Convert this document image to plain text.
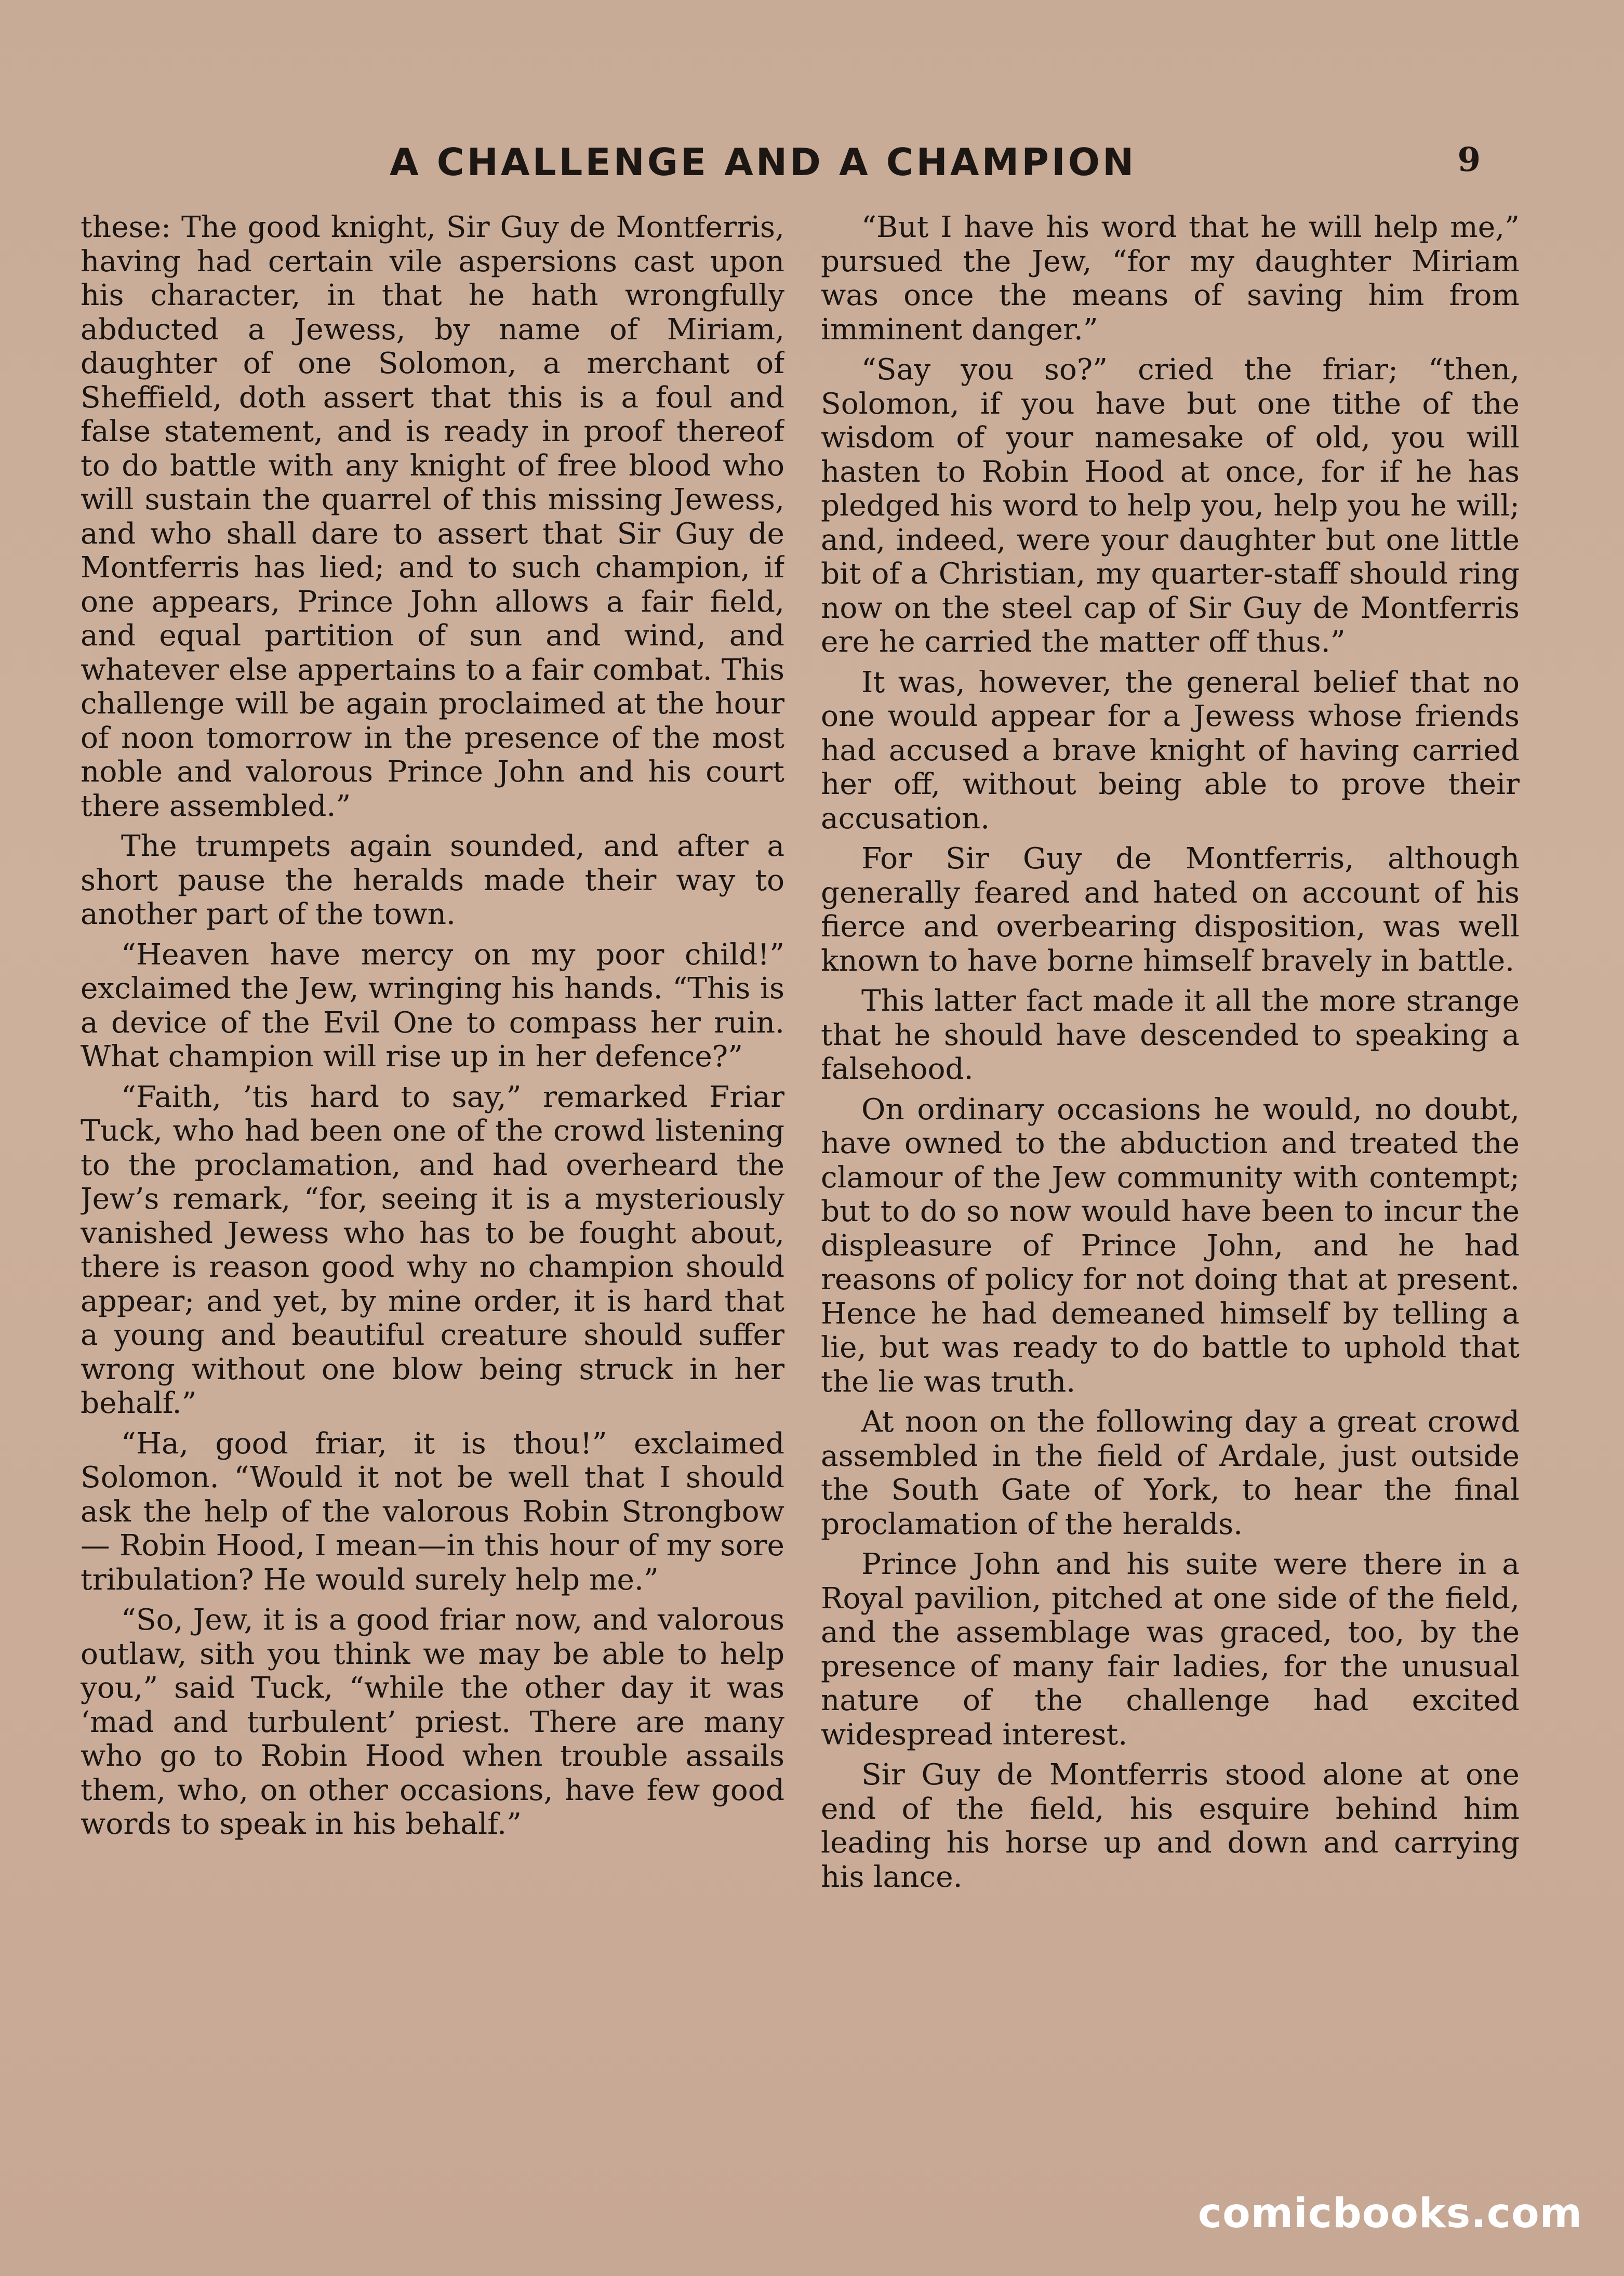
A CHALLENGE AND A CHAMPION	9

these: The good knight, Sir Guy de Montferris, having had certain vile aspersions cast upon his character, in that he hath wrongfully abducted a Jewess, by name of Miriam, daughter of one Solomon, a merchant of Sheffield, doth assert that this is a foul and false statement, and is ready in proof thereof to do battle with any knight of free blood who will sustain the quarrel of this missing Jewess, and who shall dare to assert that Sir Guy de Montferris has lied; and to such champion, if one appears, Prince John allows a fair field, and equal partition of sun and wind, and whatever else appertains to a fair combat. This challenge will be again proclaimed at the hour of noon tomorrow in the presence of the most noble and valorous Prince John and his court there assembled.”

The trumpets again sounded, and after a short pause the heralds made their way to another part of the town.

“Heaven have mercy on my poor child!” exclaimed the Jew, wringing his hands. “This is a device of the Evil One to compass her ruin. What champion will rise up in her defence?”

“Faith, ’tis hard to say,” remarked Friar Tuck, who had been one of the crowd listening to the proclamation, and had overheard the Jew’s remark, “for, seeing it is a mysteriously vanished Jewess who has to be fought about, there is reason good why no champion should appear; and yet, by mine order, it is hard that a young and beautiful creature should suffer wrong without one blow being struck in her behalf.”

“Ha, good friar, it is thou!” exclaimed Solomon. “Would it not be well that I should ask the help of the valorous Robin Strongbow — Robin Hood, I mean—in this hour of my sore tribulation? He would surely help me.”

“So, Jew, it is a good friar now, and valorous outlaw, sith you think we may be able to help you,” said Tuck, “while the other day it was ‘mad and turbulent’ priest. There are many who go to Robin Hood when trouble assails them, who, on other occasions, have few good words to speak in his behalf.”

“But I have his word that he will help me,” pursued the Jew, “for my daughter Miriam was once the means of saving him from imminent danger.”

“Say you so?” cried the friar; “then, Solomon, if you have but one tithe of the wisdom of your namesake of old, you will hasten to Robin Hood at once, for if he has pledged his word to help you, help you he will; and, indeed, were your daughter but one little bit of a Christian, my quarter-staff should ring now on the steel cap of Sir Guy de Montferris ere he carried the matter off thus.”

It was, however, the general belief that no one would appear for a Jewess whose friends had accused a brave knight of having carried her off, without being able to prove their accusation.

For Sir Guy de Montferris, although generally feared and hated on account of his fierce and overbearing disposition, was well known to have borne himself bravely in battle.

This latter fact made it all the more strange that he should have descended to speaking a falsehood.

On ordinary occasions he would, no doubt, have owned to the abduction and treated the clamour of the Jew community with contempt; but to do so now would have been to incur the displeasure of Prince John, and he had reasons of policy for not doing that at present. Hence he had demeaned himself by telling a lie, but was ready to do battle to uphold that the lie was truth.

At noon on the following day a great crowd assembled in the field of Ardale, just outside the South Gate of York, to hear the final proclamation of the heralds.

Prince John and his suite were there in a Royal pavilion, pitched at one side of the field, and the assemblage was graced, too, by the presence of many fair ladies, for the unusual nature of the challenge had excited widespread interest.

Sir Guy de Montferris stood alone at one end of the field, his esquire behind him leading his horse up and down and carrying his lance.

comicbooks.com
